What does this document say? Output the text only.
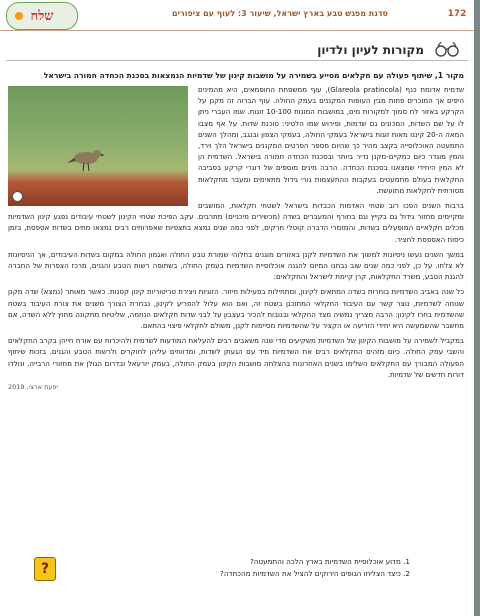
172
סדנת מפגש טבע בארץ ישראל, שיעור 3: לעוף עם ציפורים
שלח
מקורות לעיון ולדיון
מקור 1, שיתוף פעולה עם חקלאים מסייע בשמירה על מושבות קינון של שדמיות הנמצאות בסכנת הכחדה חמורה בישראל

שדמית אדומת כנף (Glareola pratincola), עוף ממשפחת החופמאים, היא מהמינים היפים אך המוכרים פחות מבין העופות המקננים בעמק החולה. עוף הברוה זה מקנן על הקרקע באזור לח סמוך למקורות מים, במושבות המונות 10-100 זוגות. שמו העברי ניתן לו על שם השדות, המכונים גם שדמות, ופירוש שמו הלטיני: טוכנת שדות. על אף מצבו המאה ה-20 קיננו מאות זוגות בישראל בעמקי החולה, בעמקי הצפון ובנגב, ומהלך השנים התמעטה האוכלוסייה בקצב מהיר כך שהיום מספר הפרטים המקננים בישראל הלך וירד, והמין מוגדר כיום כמקיים-מקנן נדיר ביותר ובסכנת הכחדה חמורה בישראל. השדמית הן לא המין היחידי שמצאנו בסכנת הכחדה. הרבה מינים מוספים של דוגרי קרקע בסביבה החקלאית בעולם מתמעטים בעקבות ההתעצמות גורי גידול מתאימים ומעבר מחקלאות מסורתית לחקלאות מתועשת.

ברבות השנים הפכו רוב שטחי האדמות הכבדות בישראל לשטחי חקלאות, המושבים ומקיימים מחזור גידול גם בקייץ וגם בחורף והמעברים בשדה (מכשירים מיכניים) מתרבים. עקב הפיכת שטחי הקינון לשטחי עיבודים נפגע קינון השדמיות מכלים חקלאיים המופעלים בשדות, והמזמרי הדברה קוטלי חרקים, לפני כמה שנים נמצא בתצפיות שאפרוחים רבים נמצאו מתים בשדות אספסת, בזמן כיסוח האספסת לחציר.

במשך השנים נעשו ניסיונות למשוך את השדמיות לקנן באזורים מוגנים בחלוהי שמורת טבע החולה ואגמון החולה במקום בשדות העיבודים, אך הניסיונות לא צלחו. על כן, לפני כמה שנים שוב נבחנו המיזם להגנה אוכלוסיית השדמיות בעמק החולה, בשתופה רשות הטבע והגנים, מרכז הצפרות של החברה להגנת הטבע, משרד החקלאות, קרן קיימת לישראל והחקלאים:

כל שנה באביב השדמיות בוחרות בשדה המתאים לקינון, ומתחילות בפעילות חיזור. הזוגיות ויצירת טריטוריות קינון קטנות. כאשר מאותר (נמצא) שדה מקנן שנוחה לשדמיות, נוצר קשר עם העיבוד החקלאי המתוכנן בשטח זה, ואם הוא עלול להפריע לקינון, נבחרת הצורך משנים את צורת העיבוד בשטח שהשדמית בחרו לקינון: הרבה מצריך נמשיה מצד החקלאי ובנובות להכיר בעצבון על לבני שדות חקלאים הנוזמה, שליטיות מתקונה מחוץ ללא השדה, אם מחשבר שהשמעשה היא יחידי הזריעה או הקציר על שהשדמיות מסיימות לקנן, משולם לחקלאי פיצוי בהתאם.

במקביל לשמירה על מושבות הקינון של השדמיות משקיעים מדי שנה משאבים רבים להעלאת המודעות לשדמית ולהיכרות עם אורח חייהן בקרב החקלאים והשבי עמק החולה. כיום מזהים החקלאים רבים את השדמיות מיד עם הגעתן לשדות, ומדווחים עליהן לחוקרים ולרשות הטבע והגנים. בזכות שיתוף הפעולה המבורך עם החקלאים השלימו בשנים האחרונות בהצלחה מושבות הקינון בעמק החולה, בעמק יזרעאל ובדרום הגולן את מחזורי הרבייה, ונולדו דורות חדשים של שדמיות.

יפעת ארצי, 2019
1. מדוע אוכלוסיית השדמיות בארץ הלכה והתמעטה?
2. כיצד הצליחו הגופים הירוקים להציל את השדמיות מהכחדה?
?
